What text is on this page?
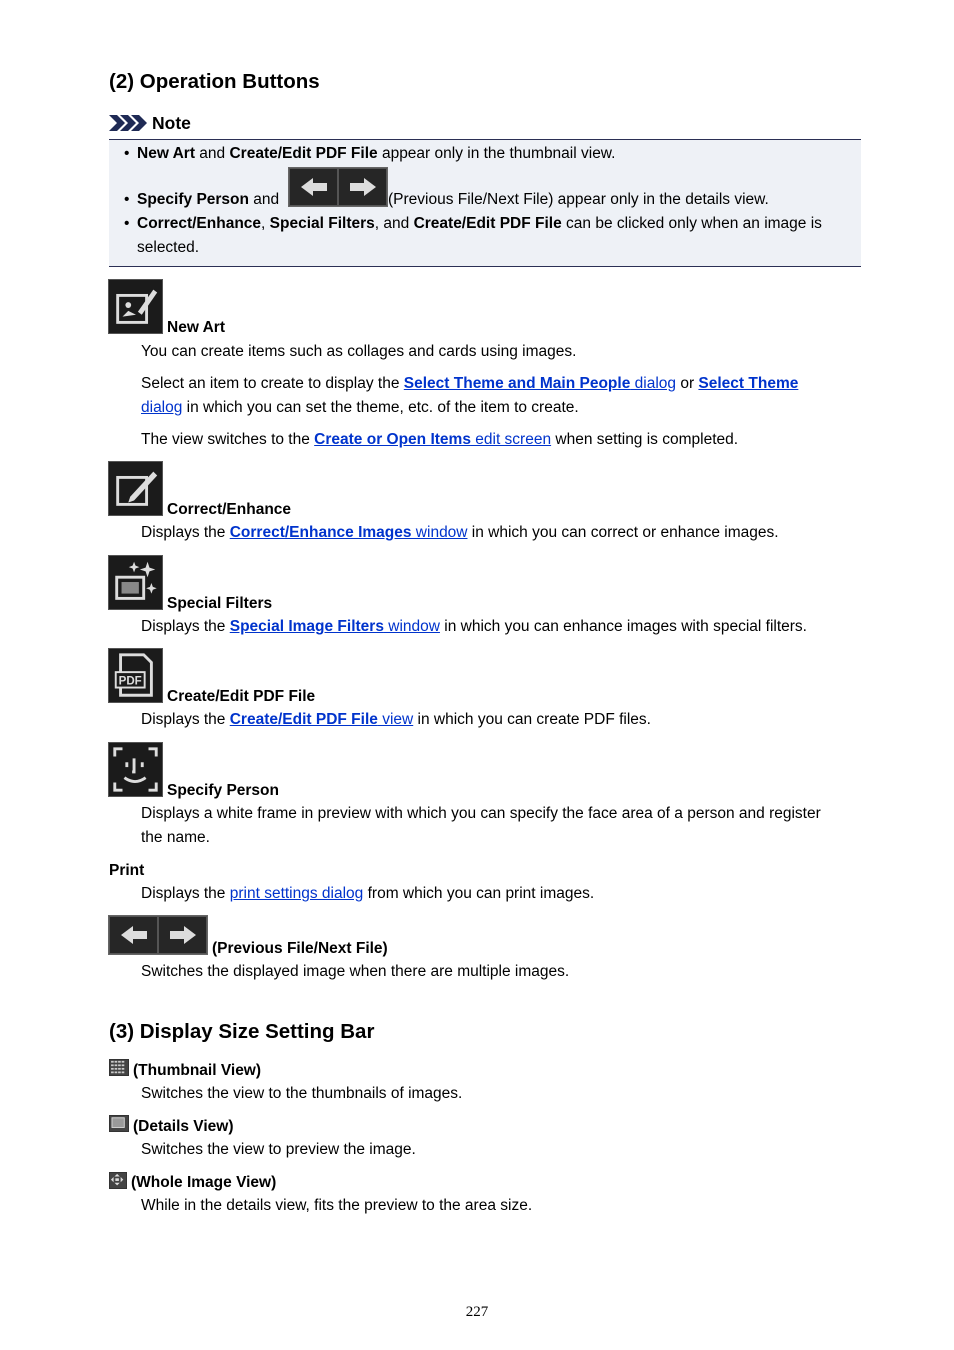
(2) Operation Buttons
Note
• New Art and Create/Edit PDF File appear only in the thumbnail view.
• Specify Person and	(Previous File/Next File) appear only in the details view.
• Correct/Enhance, Special Filters, and Create/Edit PDF File can be clicked only when an image is
selected.
New Art
You can create items such as collages and cards using images.
Select an item to create to display the Select Theme and Main People dialog or Select Theme
dialog in which you can set the theme, etc. of the item to create.
The view switches to the Create or Open Items edit screen when setting is completed.
Correct/Enhance
Displays the Correct/Enhance Images window in which you can correct or enhance images.
Special Filters
Displays the Special Image Filters window in which you can enhance images with special filters.
PDF
Create/Edit PDF File
Displays the Create/Edit PDF File view in which you can create PDF files.
Specify Person
Displays a white frame in preview with which you can specify the face area of a person and register
the name.
Print
Displays the print settings dialog from which you can print images.
(Previous File/Next File)
Switches the displayed image when there are multiple images.
(3) Display Size Setting Bar
(Thumbnail View)
Switches the view to the thumbnails of images.
(Details View)
Switches the view to preview the image.
(Whole Image View)
While in the details view, fits the preview to the area size.
227
